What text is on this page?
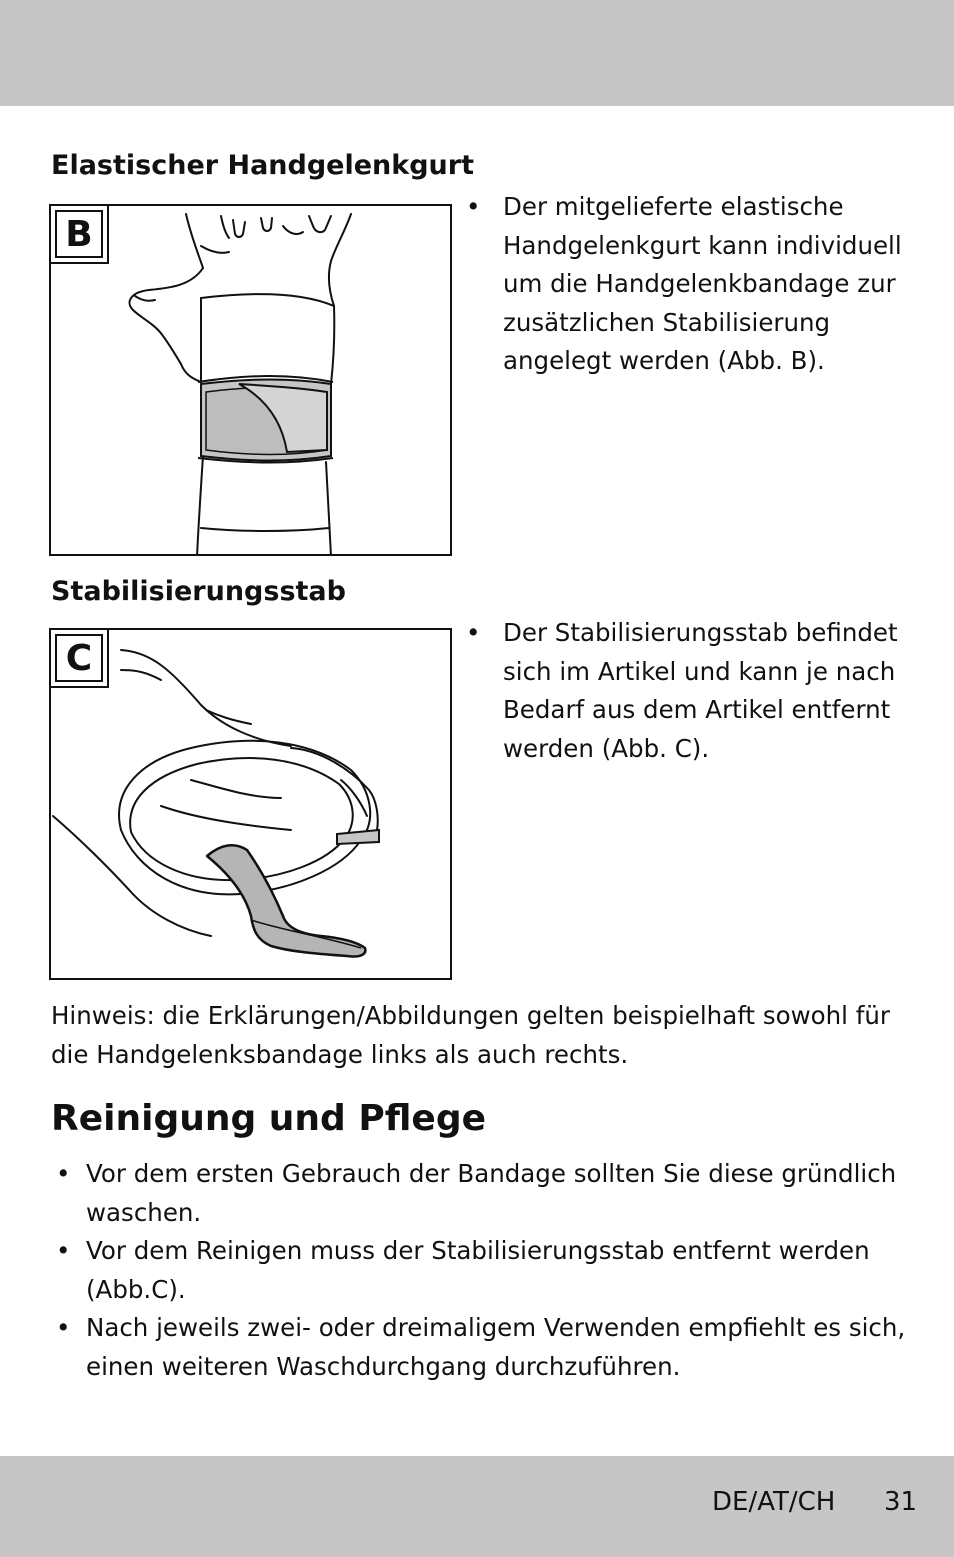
Elastischer Handgelenkgurt
B
• Der mitgelieferte elastische Handgelenkgurt kann individuell um die Handgelenkbandage zur zusätzlichen Stabilisierung angelegt werden (Abb. B).
Stabilisierungsstab
C
• Der Stabilisierungsstab befindet sich im Artikel und kann je nach Bedarf aus dem Artikel entfernt werden (Abb. C).
Hinweis: die Erklärungen/Abbildungen gelten beispielhaft sowohl für die Handgelenksbandage links als auch rechts.
Reinigung und Pflege
• Vor dem ersten Gebrauch der Bandage sollten Sie diese gründlich waschen.
• Vor dem Reinigen muss der Stabilisierungsstab entfernt werden (Abb.C).
• Nach jeweils zwei- oder dreimaligem Verwenden empfiehlt es sich, einen weiteren Waschdurchgang durchzuführen.
DE/AT/CH 31
